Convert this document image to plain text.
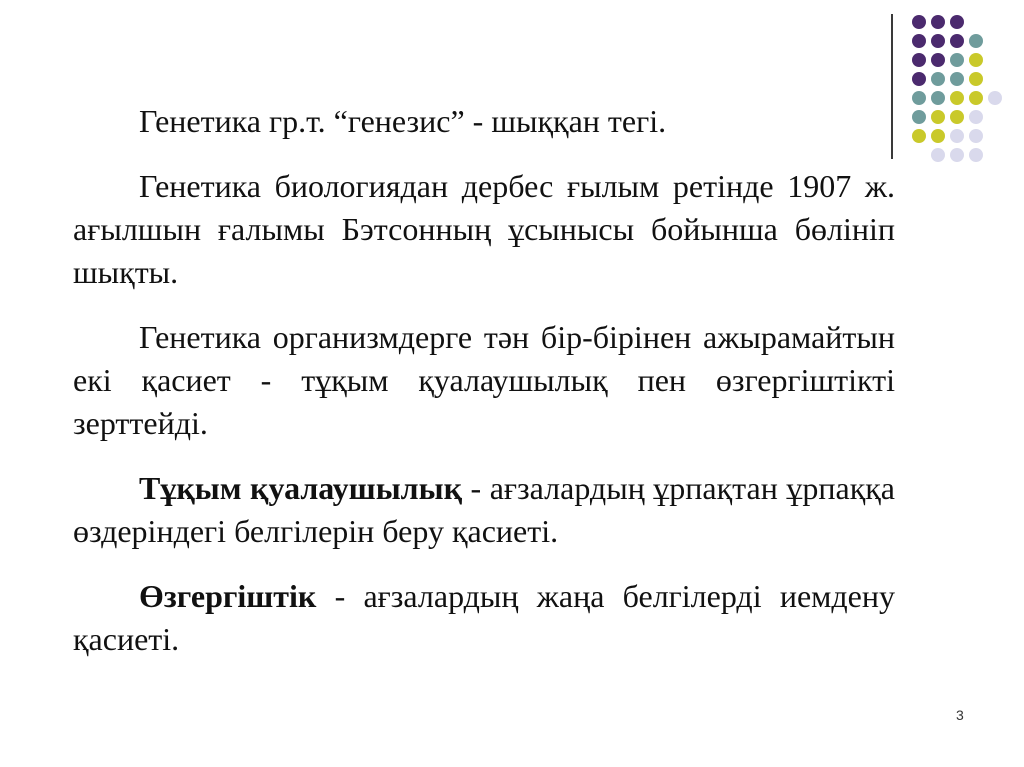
Генетика гр.т. “генезис” - шыққан тегі.

Генетика биологиядан дербес ғылым ретінде 1907 ж. ағылшын ғалымы Бэтсонның ұсынысы бойынша бөлініп шықты.

Генетика организмдерге тән бір-бірінен ажырамайтын екі қасиет - тұқым қуалаушылық пен өзгергіштікті зерттейді.

Тұқым қуалаушылық - ағзалардың ұрпақтан ұрпаққа өздеріндегі белгілерін беру қасиеті.

Өзгергіштік - ағзалардың жаңа белгілерді иемдену қасиеті.

3
